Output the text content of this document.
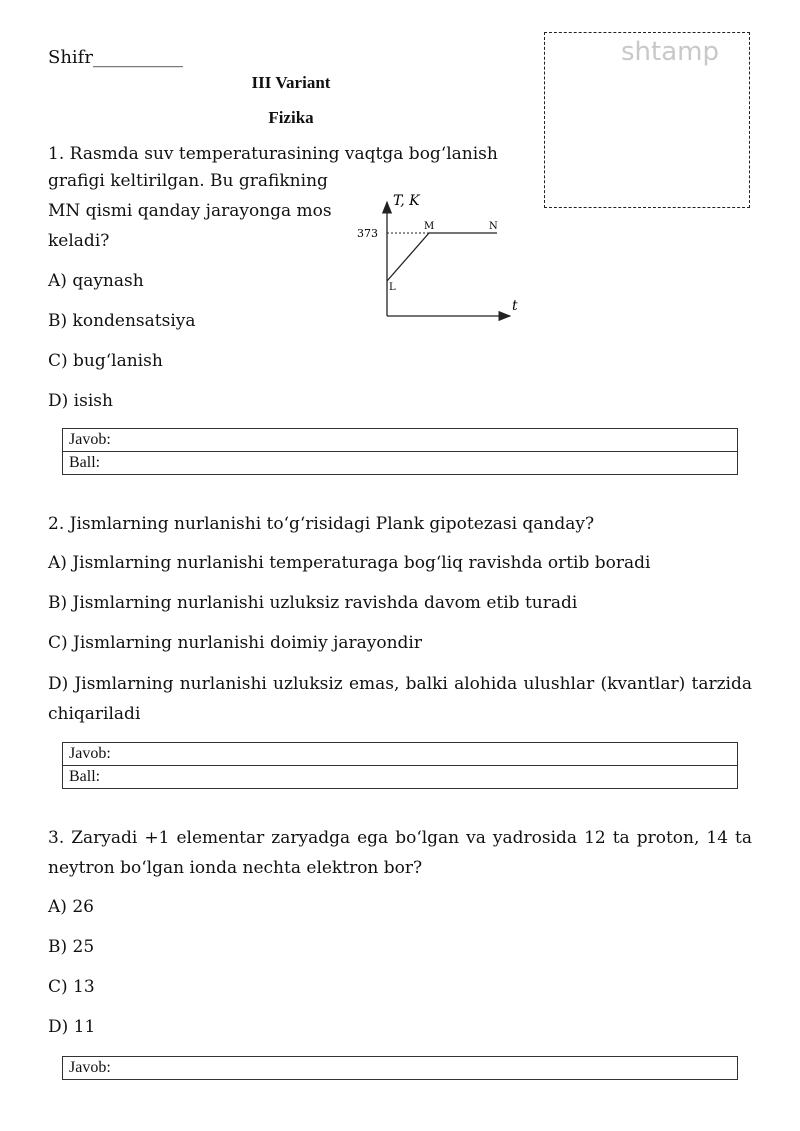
Shifr__________
III Variant
Fizika
shtamp
1. Rasmda suv temperaturasining vaqtga bog‘lanish
grafigi keltirilgan. Bu grafikning
MN qismi qanday jarayonga mos
keladi?
T, K
t
373
L
M	N
A) qaynash
B) kondensatsiya
C) bug‘lanish
D) isish
Javob:
Ball:
2. Jismlarning nurlanishi to‘g‘risidagi Plank gipotezasi qanday?
A) Jismlarning nurlanishi temperaturaga bog‘liq ravishda ortib boradi
B) Jismlarning nurlanishi uzluksiz ravishda davom etib turadi
C) Jismlarning nurlanishi doimiy jarayondir
D) Jismlarning nurlanishi uzluksiz emas, balki alohida ulushlar (kvantlar) tarzida chiqariladi
Javob:
Ball:
3. Zaryadi +1 elementar zaryadga ega bo‘lgan va yadrosida 12 ta proton, 14 ta neytron bo‘lgan ionda nechta elektron bor?
A) 26
B) 25
C) 13
D) 11
Javob:
